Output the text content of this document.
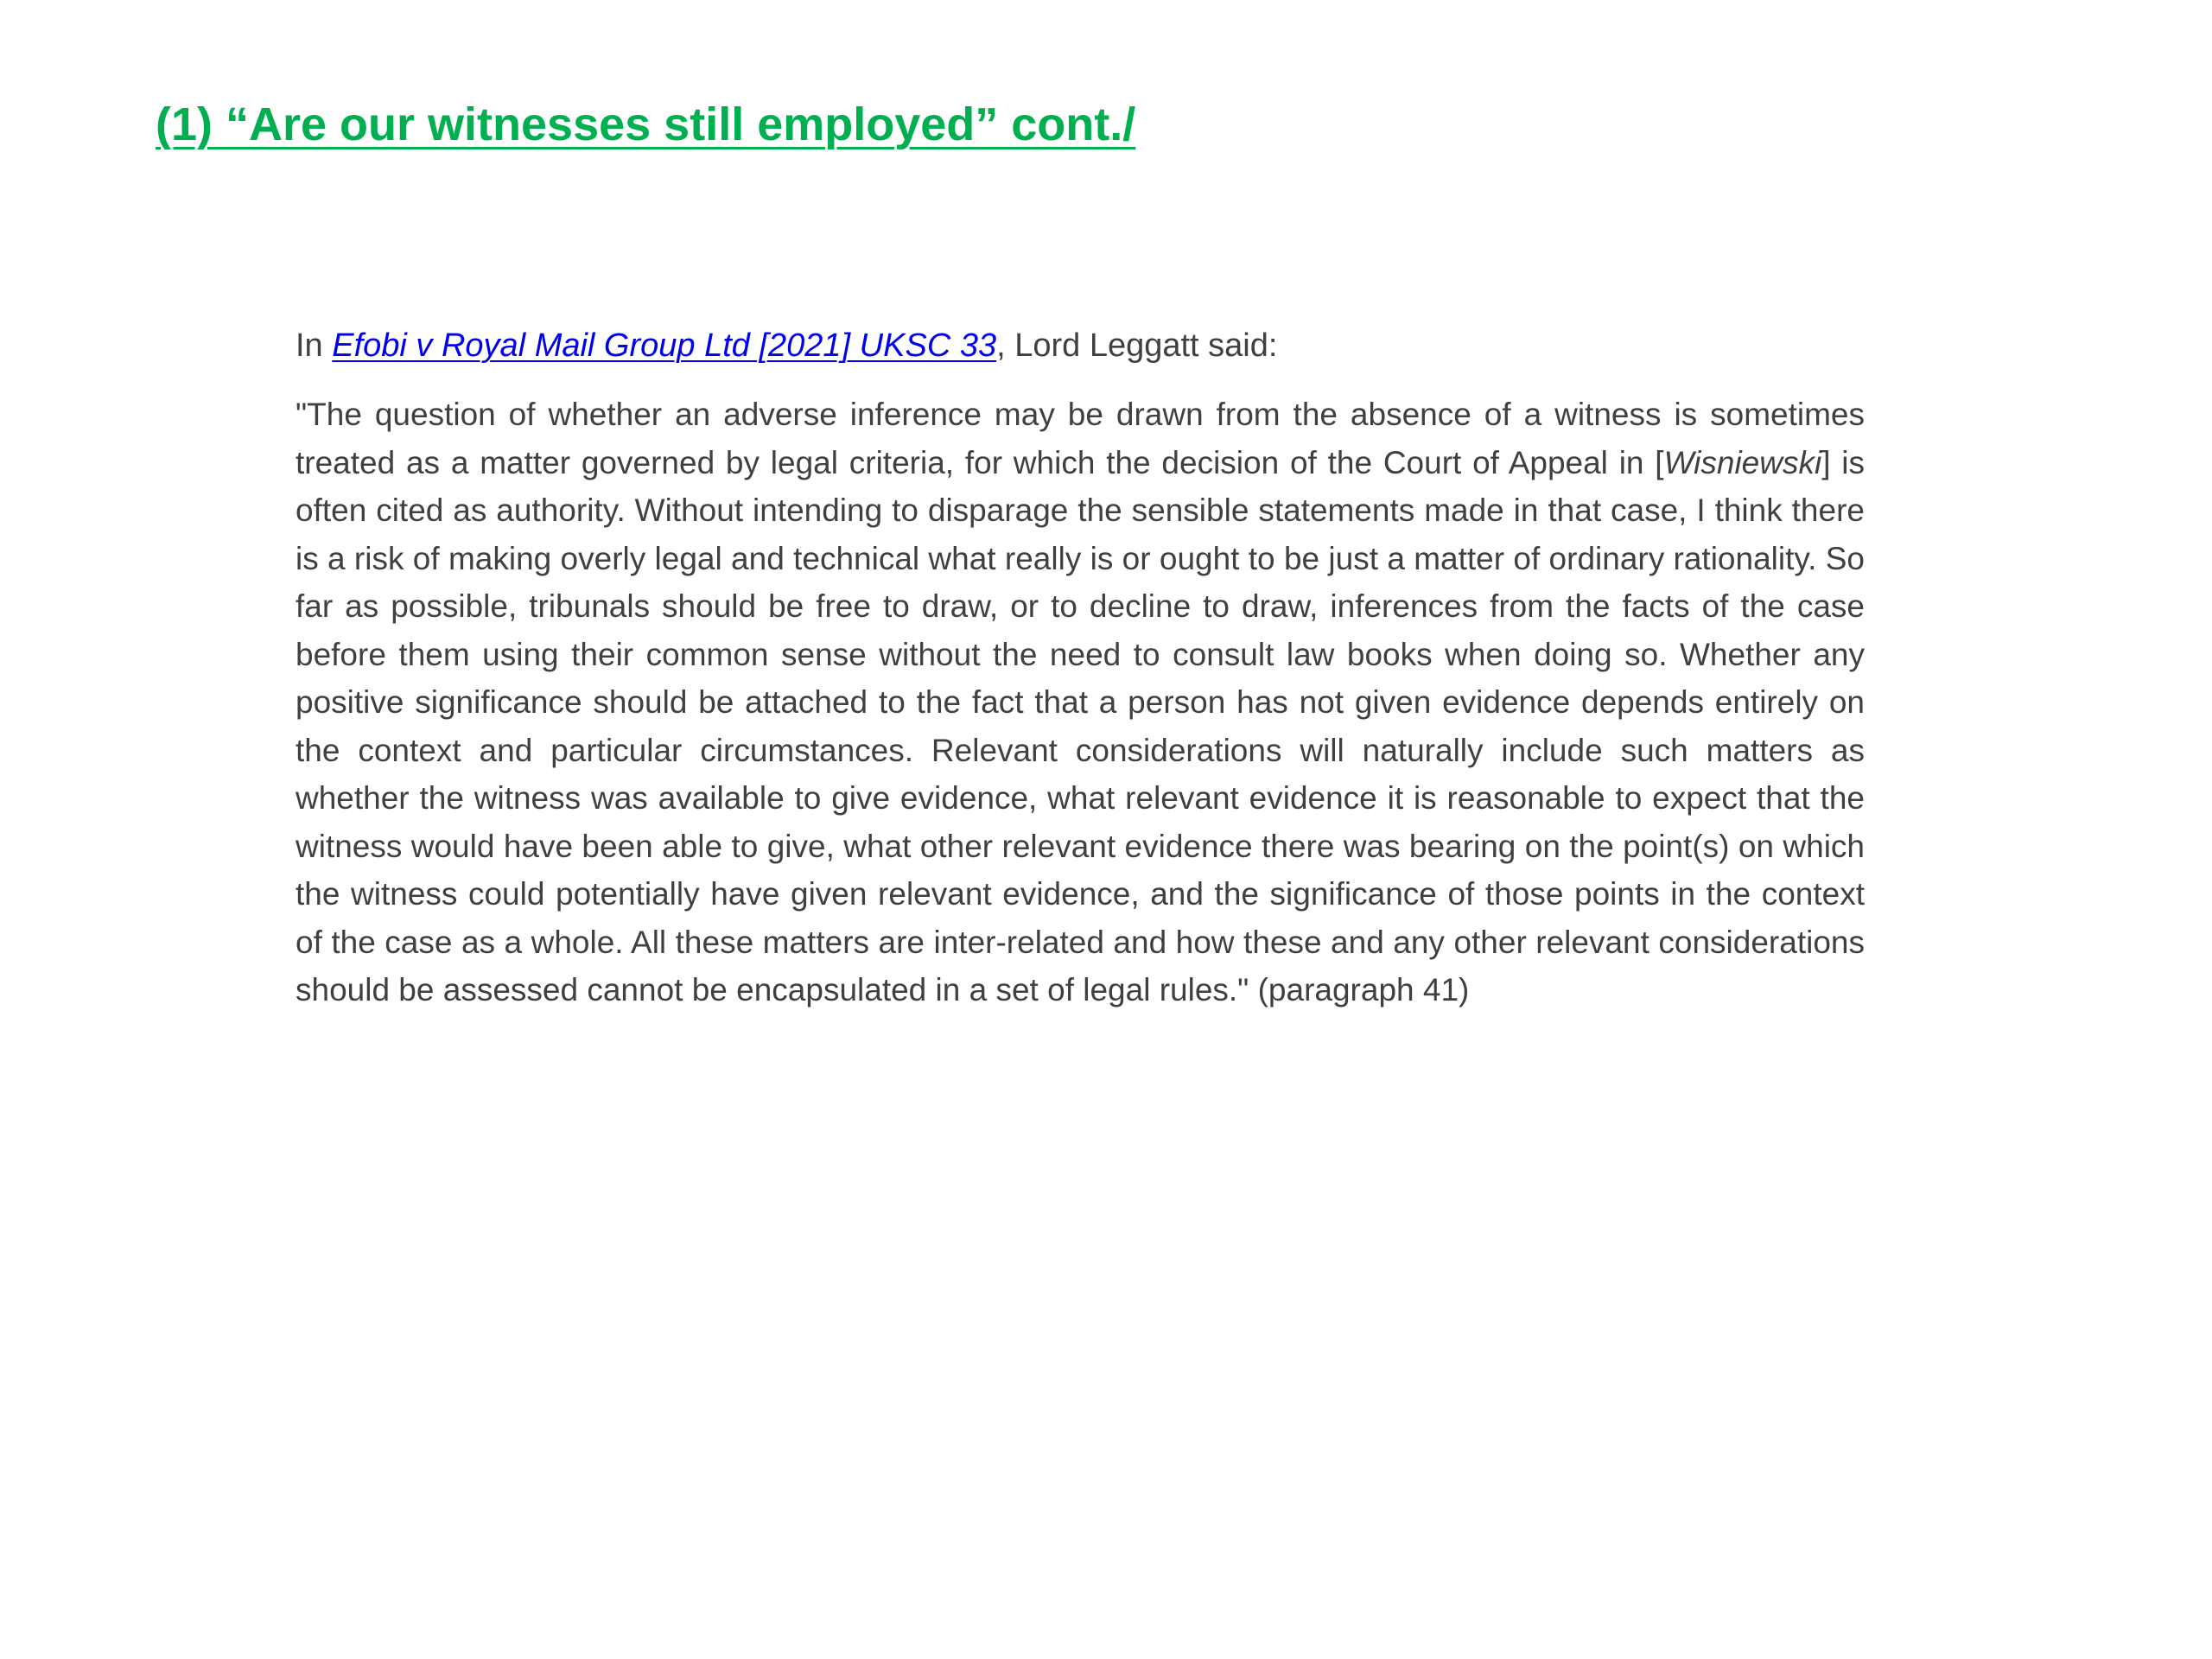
(1) “Are our witnesses still employed” cont./

In Efobi v Royal Mail Group Ltd [2021] UKSC 33, Lord Leggatt said:

"The question of whether an adverse inference may be drawn from the absence of a witness is sometimes treated as a matter governed by legal criteria, for which the decision of the Court of Appeal in [Wisniewski] is often cited as authority. Without intending to disparage the sensible statements made in that case, I think there is a risk of making overly legal and technical what really is or ought to be just a matter of ordinary rationality. So far as possible, tribunals should be free to draw, or to decline to draw, inferences from the facts of the case before them using their common sense without the need to consult law books when doing so. Whether any positive significance should be attached to the fact that a person has not given evidence depends entirely on the context and particular circumstances. Relevant considerations will naturally include such matters as whether the witness was available to give evidence, what relevant evidence it is reasonable to expect that the witness would have been able to give, what other relevant evidence there was bearing on the point(s) on which the witness could potentially have given relevant evidence, and the significance of those points in the context of the case as a whole. All these matters are inter-related and how these and any other relevant considerations should be assessed cannot be encapsulated in a set of legal rules." (paragraph 41)
